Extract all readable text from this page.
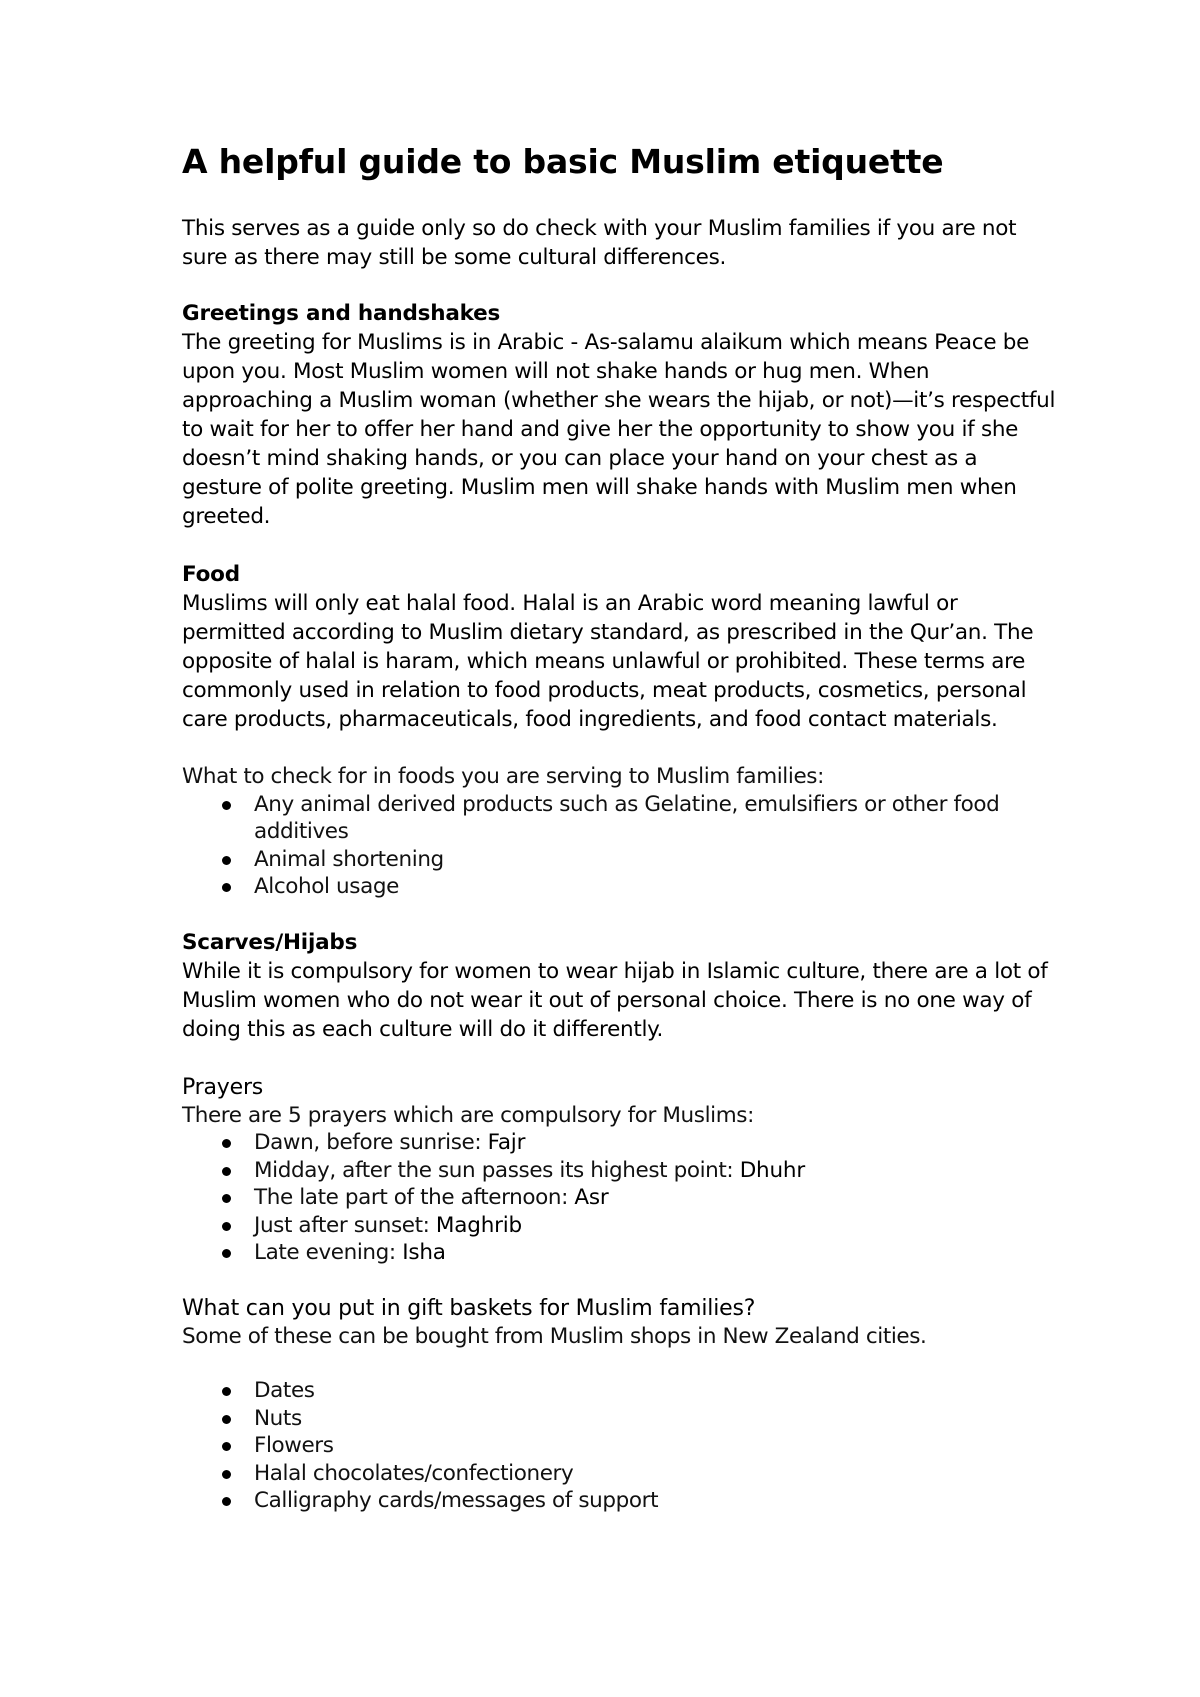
A helpful guide to basic Muslim etiquette

This serves as a guide only so do check with your Muslim families if you are not sure as there may still be some cultural differences.

Greetings and handshakes

The greeting for Muslims is in Arabic - As-salamu alaikum which means Peace be upon you. Most Muslim women will not shake hands or hug men. When approaching a Muslim woman (whether she wears the hijab, or not)—it’s respectful to wait for her to offer her hand and give her the opportunity to show you if she doesn’t mind shaking hands, or you can place your hand on your chest as a gesture of polite greeting. Muslim men will shake hands with Muslim men when greeted.

Food

Muslims will only eat halal food. Halal is an Arabic word meaning lawful or permitted according to Muslim dietary standard, as prescribed in the Qur’an. The opposite of halal is haram, which means unlawful or prohibited. These terms are commonly used in relation to food products, meat products, cosmetics, personal care products, pharmaceuticals, food ingredients, and food contact materials.

What to check for in foods you are serving to Muslim families:

Any animal derived products such as Gelatine, emulsifiers or other food additives
Animal shortening
Alcohol usage

Scarves/Hijabs

While it is compulsory for women to wear hijab in Islamic culture, there are a lot of Muslim women who do not wear it out of personal choice. There is no one way of doing this as each culture will do it differently.

Prayers

There are 5 prayers which are compulsory for Muslims:

Dawn, before sunrise: Fajr
Midday, after the sun passes its highest point: Dhuhr
The late part of the afternoon: Asr
Just after sunset: Maghrib
Late evening: Isha

What can you put in gift baskets for Muslim families?

Some of these can be bought from Muslim shops in New Zealand cities.

Dates
Nuts
Flowers
Halal chocolates/confectionery
Calligraphy cards/messages of support
